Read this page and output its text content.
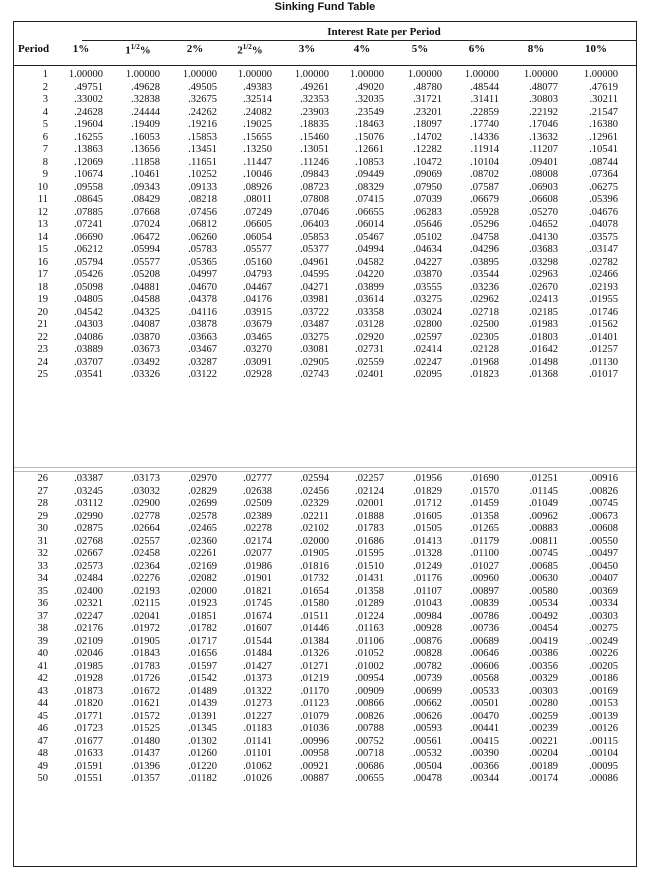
Sinking Fund Table
Interest Rate per Period
Period	1%	$1^{1/2}\%$	2%	$2^{1/2}\%$	3%	4%	5%	6%	8%	10%
1	1.00000	1.00000	1.00000	1.00000	1.00000	1.00000	1.00000	1.00000	1.00000	1.00000
2	.49751	.49628	.49505	.49383	.49261	.49020	.48780	.48544	.48077	.47619
3	.33002	.32838	.32675	.32514	.32353	.32035	.31721	.31411	.30803	.30211
4	.24628	.24444	.24262	.24082	.23903	.23549	.23201	.22859	.22192	.21547
5	.19604	.19409	.19216	.19025	.18835	.18463	.18097	.17740	.17046	.16380
6	.16255	.16053	.15853	.15655	.15460	.15076	.14702	.14336	.13632	.12961
7	.13863	.13656	.13451	.13250	.13051	.12661	.12282	.11914	.11207	.10541
8	.12069	.11858	.11651	.11447	.11246	.10853	.10472	.10104	.09401	.08744
9	.10674	.10461	.10252	.10046	.09843	.09449	.09069	.08702	.08008	.07364
10	.09558	.09343	.09133	.08926	.08723	.08329	.07950	.07587	.06903	.06275
11	.08645	.08429	.08218	.08011	.07808	.07415	.07039	.06679	.06608	.05396
12	.07885	.07668	.07456	.07249	.07046	.06655	.06283	.05928	.05270	.04676
13	.07241	.07024	.06812	.06605	.06403	.06014	.05646	.05296	.04652	.04078
14	.06690	.06472	.06260	.06054	.05853	.05467	.05102	.04758	.04130	.03575
15	.06212	.05994	.05783	.05577	.05377	.04994	.04634	.04296	.03683	.03147
16	.05794	.05577	.05365	.05160	.04961	.04582	.04227	.03895	.03298	.02782
17	.05426	.05208	.04997	.04793	.04595	.04220	.03870	.03544	.02963	.02466
18	.05098	.04881	.04670	.04467	.04271	.03899	.03555	.03236	.02670	.02193
19	.04805	.04588	.04378	.04176	.03981	.03614	.03275	.02962	.02413	.01955
20	.04542	.04325	.04116	.03915	.03722	.03358	.03024	.02718	.02185	.01746
21	.04303	.04087	.03878	.03679	.03487	.03128	.02800	.02500	.01983	.01562
22	.04086	.03870	.03663	.03465	.03275	.02920	.02597	.02305	.01803	.01401
23	.03889	.03673	.03467	.03270	.03081	.02731	.02414	.02128	.01642	.01257
24	.03707	.03492	.03287	.03091	.02905	.02559	.02247	.01968	.01498	.01130
25	.03541	.03326	.03122	.02928	.02743	.02401	.02095	.01823	.01368	.01017
26	.03387	.03173	.02970	.02777	.02594	.02257	.01956	.01690	.01251	.00916
27	.03245	.03032	.02829	.02638	.02456	.02124	.01829	.01570	.01145	.00826
28	.03112	.02900	.02699	.02509	.02329	.02001	.01712	.01459	.01049	.00745
29	.02990	.02778	.02578	.02389	.02211	.01888	.01605	.01358	.00962	.00673
30	.02875	.02664	.02465	.02278	.02102	.01783	.01505	.01265	.00883	.00608
31	.02768	.02557	.02360	.02174	.02000	.01686	.01413	.01179	.00811	.00550
32	.02667	.02458	.02261	.02077	.01905	.01595	.01328	.01100	.00745	.00497
33	.02573	.02364	.02169	.01986	.01816	.01510	.01249	.01027	.00685	.00450
34	.02484	.02276	.02082	.01901	.01732	.01431	.01176	.00960	.00630	.00407
35	.02400	.02193	.02000	.01821	.01654	.01358	.01107	.00897	.00580	.00369
36	.02321	.02115	.01923	.01745	.01580	.01289	.01043	.00839	.00534	.00334
37	.02247	.02041	.01851	.01674	.01511	.01224	.00984	.00786	.00492	.00303
38	.02176	.01972	.01782	.01607	.01446	.01163	.00928	.00736	.00454	.00275
39	.02109	.01905	.01717	.01544	.01384	.01106	.00876	.00689	.00419	.00249
40	.02046	.01843	.01656	.01484	.01326	.01052	.00828	.00646	.00386	.00226
41	.01985	.01783	.01597	.01427	.01271	.01002	.00782	.00606	.00356	.00205
42	.01928	.01726	.01542	.01373	.01219	.00954	.00739	.00568	.00329	.00186
43	.01873	.01672	.01489	.01322	.01170	.00909	.00699	.00533	.00303	.00169
44	.01820	.01621	.01439	.01273	.01123	.00866	.00662	.00501	.00280	.00153
45	.01771	.01572	.01391	.01227	.01079	.00826	.00626	.00470	.00259	.00139
46	.01723	.01525	.01345	.01183	.01036	.00788	.00593	.00441	.00239	.00126
47	.01677	.01480	.01302	.01141	.00996	.00752	.00561	.00415	.00221	.00115
48	.01633	.01437	.01260	.01101	.00958	.00718	.00532	.00390	.00204	.00104
49	.01591	.01396	.01220	.01062	.00921	.00686	.00504	.00366	.00189	.00095
50	.01551	.01357	.01182	.01026	.00887	.00655	.00478	.00344	.00174	.00086
